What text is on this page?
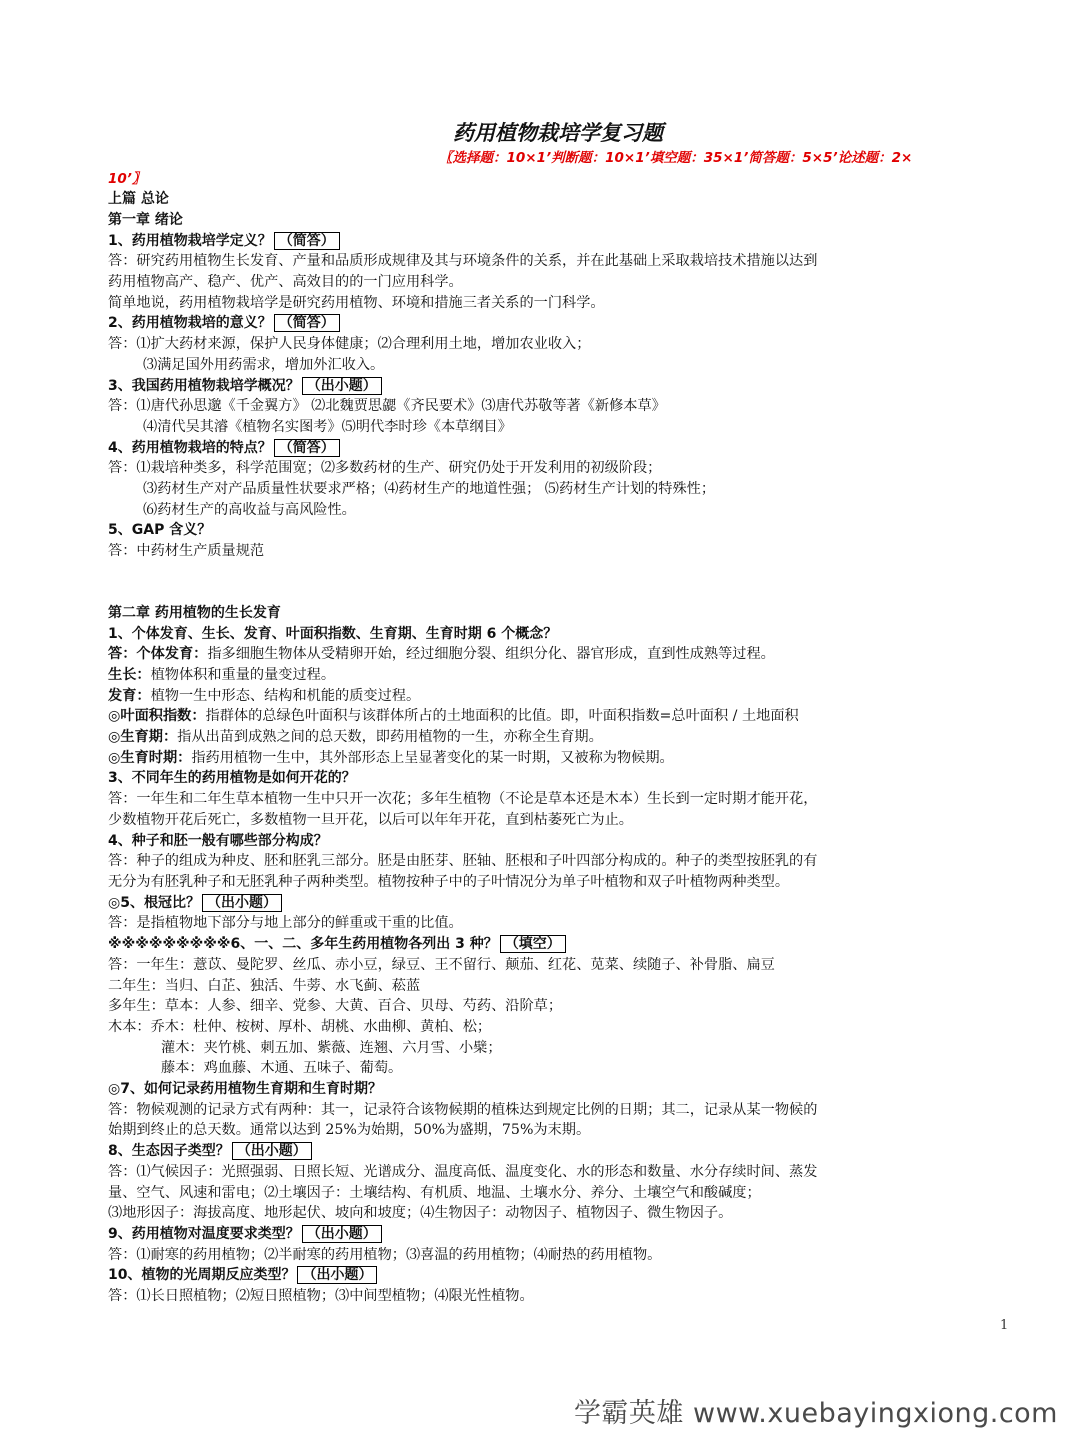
药用植物栽培学复习题
〖选择题：10×1’判断题：10×1’填空题：35×1’简答题：5×5’论述题：2×
10’〗
上篇 总论
第一章 绪论
1、药用植物栽培学定义？ （简答）
答：研究药用植物生长发育、产量和品质形成规律及其与环境条件的关系，并在此基础上采取栽培技术措施以达到
药用植物高产、稳产、优产、高效目的的一门应用科学。
简单地说，药用植物栽培学是研究药用植物、环境和措施三者关系的一门科学。
2、药用植物栽培的意义？ （简答）
答：⑴扩大药材来源，保护人民身体健康；⑵合理利用土地，增加农业收入；
⑶满足国外用药需求，增加外汇收入。
3、我国药用植物栽培学概况？ （出小题）
答：⑴唐代孙思邈《千金翼方》 ⑵北魏贾思勰《齐民要术》⑶唐代苏敬等著《新修本草》
⑷清代吴其濬《植物名实图考》⑸明代李时珍《本草纲目》
4、药用植物栽培的特点？ （简答）
答：⑴栽培种类多，科学范围宽；⑵多数药材的生产、研究仍处于开发利用的初级阶段；
⑶药材生产对产品质量性状要求严格；⑷药材生产的地道性强； ⑸药材生产计划的特殊性；
⑹药材生产的高收益与高风险性。
5、GAP 含义？
答：中药材生产质量规范
第二章 药用植物的生长发育
1、个体发育、生长、发育、叶面积指数、生育期、生育时期 6 个概念？
答：个体发育：指多细胞生物体从受精卵开始，经过细胞分裂、组织分化、器官形成，直到性成熟等过程。
生长：植物体积和重量的量变过程。
发育：植物一生中形态、结构和机能的质变过程。
◎叶面积指数：指群体的总绿色叶面积与该群体所占的土地面积的比值。即，叶面积指数=总叶面积 / 土地面积
◎生育期：指从出苗到成熟之间的总天数，即药用植物的一生，亦称全生育期。
◎生育时期：指药用植物一生中，其外部形态上呈显著变化的某一时期，又被称为物候期。
3、不同年生的药用植物是如何开花的？
答：一年生和二年生草本植物一生中只开一次花；多年生植物（不论是草本还是木本）生长到一定时期才能开花，
少数植物开花后死亡，多数植物一旦开花，以后可以年年开花，直到枯萎死亡为止。
4、种子和胚一般有哪些部分构成？
答：种子的组成为种皮、胚和胚乳三部分。胚是由胚芽、胚轴、胚根和子叶四部分构成的。种子的类型按胚乳的有
无分为有胚乳种子和无胚乳种子两种类型。植物按种子中的子叶情况分为单子叶植物和双子叶植物两种类型。
◎5、根冠比？ （出小题）
答：是指植物地下部分与地上部分的鲜重或干重的比值。
※※※※※※※※※6、一、二、多年生药用植物各列出 3 种？ （填空）
答：一年生：薏苡、曼陀罗、丝瓜、赤小豆，绿豆、王不留行、颠茄、红花、苋菜、续随子、补骨脂、扁豆
二年生：当归、白芷、独活、牛蒡、水飞蓟、菘蓝
多年生：草本：人参、细辛、党参、大黄、百合、贝母、芍药、沿阶草；
木本：乔木：杜仲、桉树、厚朴、胡桃、水曲柳、黄柏、松；
灌木：夹竹桃、刺五加、紫薇、连翘、六月雪、小檗；
藤本：鸡血藤、木通、五味子、葡萄。
◎7、如何记录药用植物生育期和生育时期？
答：物候观测的记录方式有两种：其一，记录符合该物候期的植株达到规定比例的日期；其二，记录从某一物候的
始期到终止的总天数。通常以达到 25%为始期，50%为盛期，75%为末期。
8、生态因子类型？ （出小题）
答：⑴气候因子：光照强弱、日照长短、光谱成分、温度高低、温度变化、水的形态和数量、水分存续时间、蒸发
量、空气、风速和雷电；⑵土壤因子：土壤结构、有机质、地温、土壤水分、养分、土壤空气和酸碱度；
⑶地形因子：海拔高度、地形起伏、坡向和坡度；⑷生物因子：动物因子、植物因子、微生物因子。
9、药用植物对温度要求类型？ （出小题）
答：⑴耐寒的药用植物；⑵半耐寒的药用植物；⑶喜温的药用植物；⑷耐热的药用植物。
10、植物的光周期反应类型？ （出小题）
答：⑴长日照植物；⑵短日照植物；⑶中间型植物；⑷限光性植物。
1
学霸英雄 www.xuebayingxiong.com
